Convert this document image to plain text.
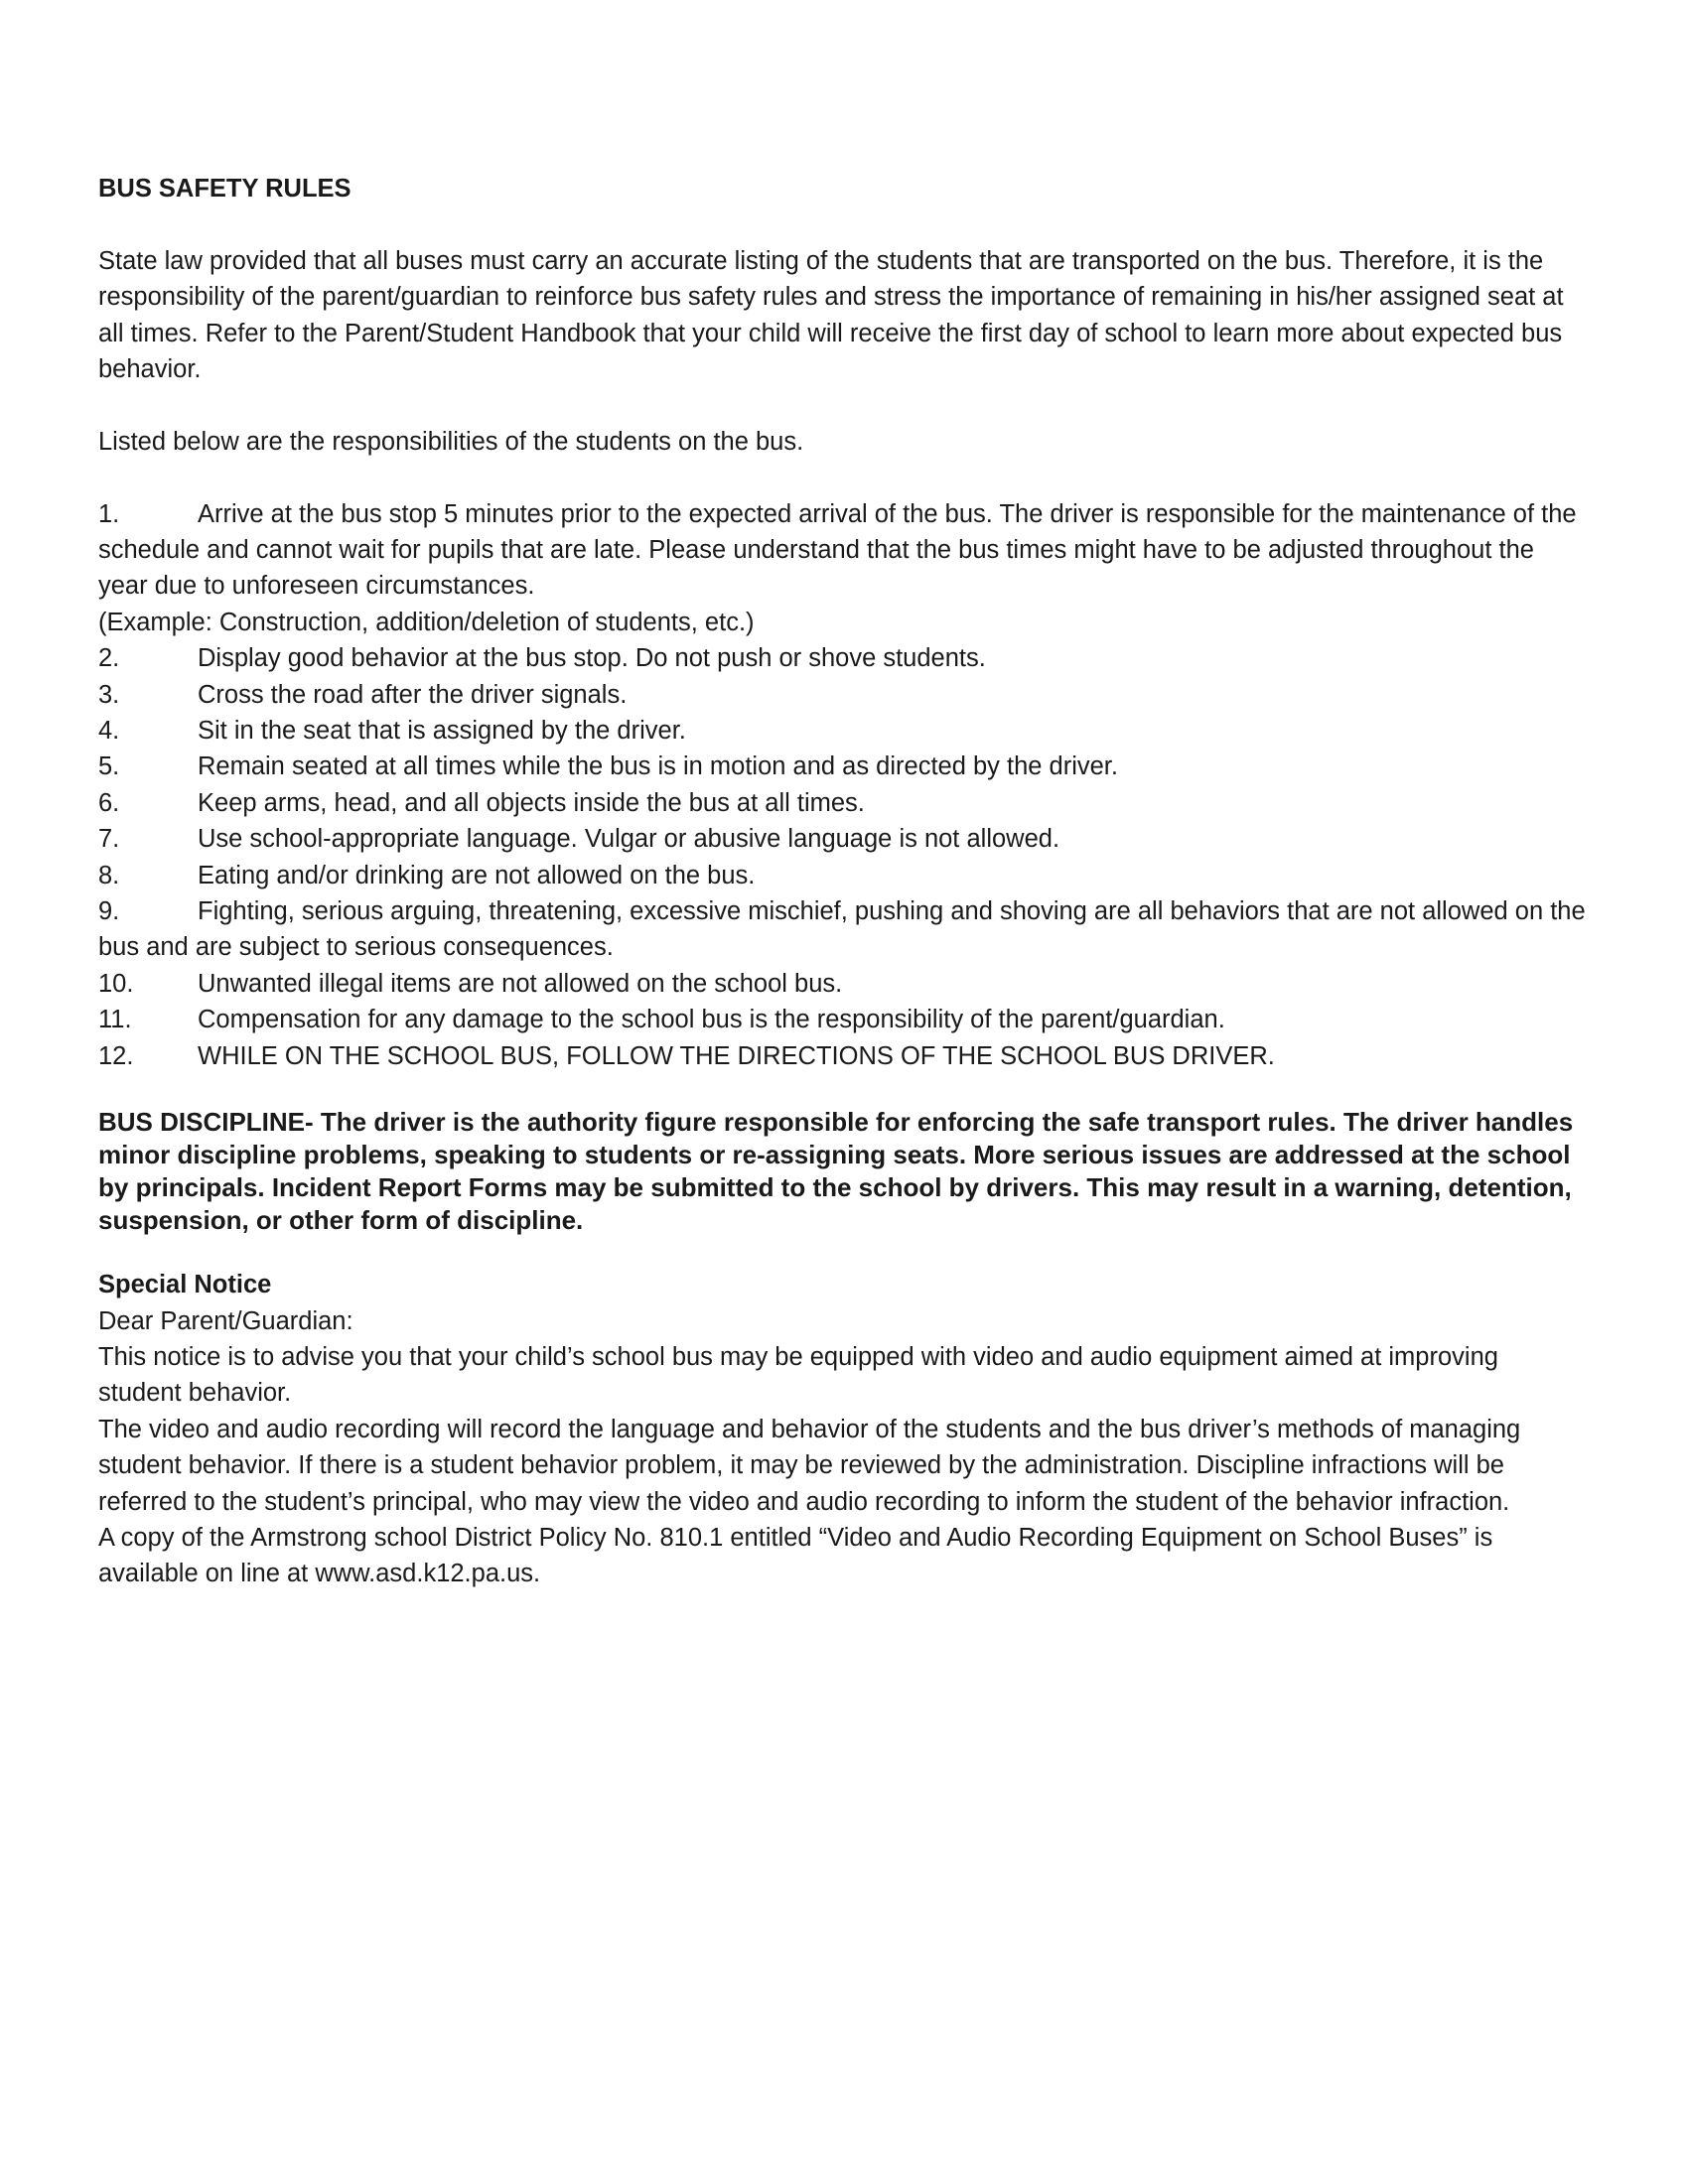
BUS SAFETY RULES

State law provided that all buses must carry an accurate listing of the students that are transported on the bus. Therefore, it is the responsibility of the parent/guardian to reinforce bus safety rules and stress the importance of remaining in his/her assigned seat at all times. Refer to the Parent/Student Handbook that your child will receive the first day of school to learn more about expected bus behavior.

Listed below are the responsibilities of the students on the bus.

1.	Arrive at the bus stop 5 minutes prior to the expected arrival of the bus. The driver is responsible for the maintenance of the schedule and cannot wait for pupils that are late. Please understand that the bus times might have to be adjusted throughout the year due to unforeseen circumstances.

(Example: Construction, addition/deletion of students, etc.)

2.	Display good behavior at the bus stop. Do not push or shove students.

3.	Cross the road after the driver signals.

4.	Sit in the seat that is assigned by the driver.

5.	Remain seated at all times while the bus is in motion and as directed by the driver.

6.	Keep arms, head, and all objects inside the bus at all times.

7.	Use school-appropriate language. Vulgar or abusive language is not allowed.

8.	Eating and/or drinking are not allowed on the bus.

9.	Fighting, serious arguing, threatening, excessive mischief, pushing and shoving are all behaviors that are not allowed on the bus and are subject to serious consequences.

10.	Unwanted illegal items are not allowed on the school bus.

11.	Compensation for any damage to the school bus is the responsibility of the parent/guardian.

12.	WHILE ON THE SCHOOL BUS, FOLLOW THE DIRECTIONS OF THE SCHOOL BUS DRIVER.

BUS DISCIPLINE- The driver is the authority figure responsible for enforcing the safe transport rules. The driver handles minor discipline problems, speaking to students or re-assigning seats. More serious issues are addressed at the school by principals. Incident Report Forms may be submitted to the school by drivers. This may result in a warning, detention, suspension, or other form of discipline.

Special Notice

Dear Parent/Guardian:

This notice is to advise you that your child’s school bus may be equipped with video and audio equipment aimed at improving student behavior.

The video and audio recording will record the language and behavior of the students and the bus driver’s methods of managing student behavior. If there is a student behavior problem, it may be reviewed by the administration. Discipline infractions will be referred to the student’s principal, who may view the video and audio recording to inform the student of the behavior infraction.

A copy of the Armstrong school District Policy No. 810.1 entitled “Video and Audio Recording Equipment on School Buses” is available on line at www.asd.k12.pa.us.
